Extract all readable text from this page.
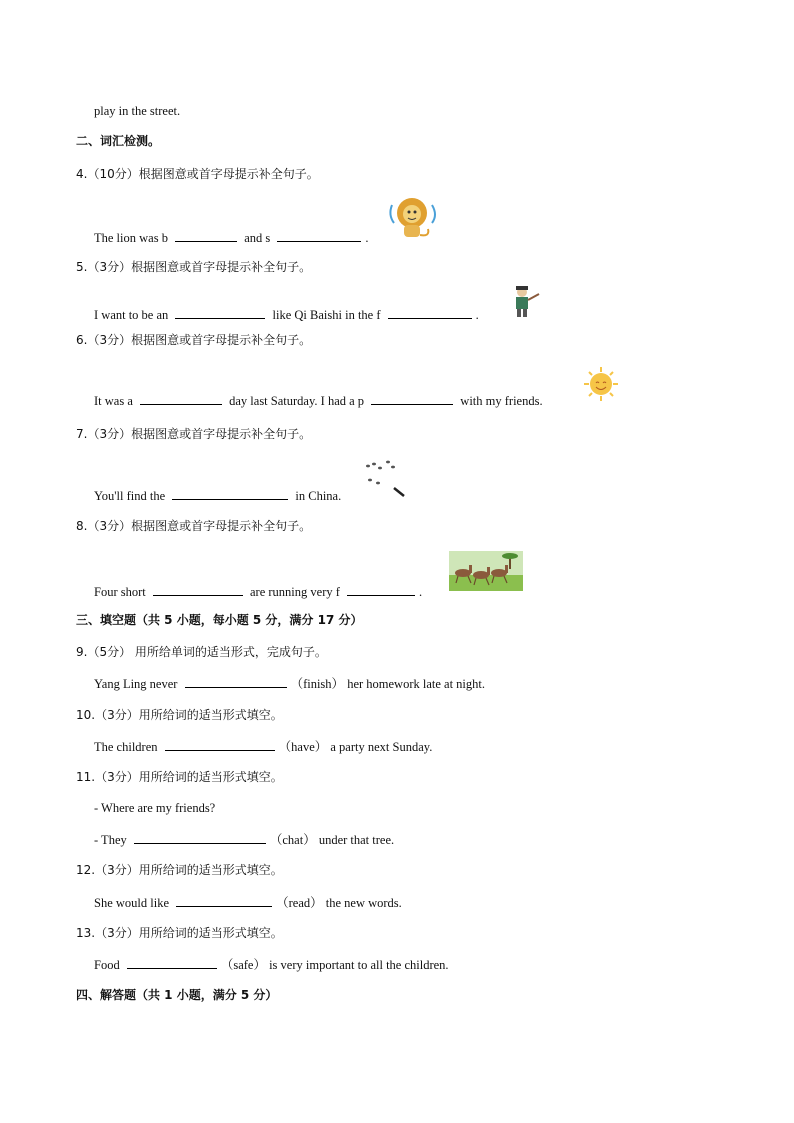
play in the street.
二、词汇检测。
4.（10分）根据图意或首字母提示补全句子。
The lion was b	and s	.
5.（3分）根据图意或首字母提示补全句子。
I want to be an	like Qi Baishi in the f	.
6.（3分）根据图意或首字母提示补全句子。
It was a	day last Saturday. I had a p	with my friends.
7.（3分）根据图意或首字母提示补全句子。
You'll find the	in China.
8.（3分）根据图意或首字母提示补全句子。
Four short	are running very f	.
三、填空题（共 5 小题，每小题 5 分，满分 17 分）
9.（5分） 用所给单词的适当形式，完成句子。
Yang Ling never	（finish） her homework late at night.
10.（3分）用所给词的适当形式填空。
The children	（have） a party next Sunday.
11.（3分）用所给词的适当形式填空。
- Where are my friends?
- They	（chat） under that tree.
12.（3分）用所给词的适当形式填空。
She would like	（read） the new words.
13.（3分）用所给词的适当形式填空。
Food	（safe） is very important to all the children.
四、解答题（共 1 小题，满分 5 分）
